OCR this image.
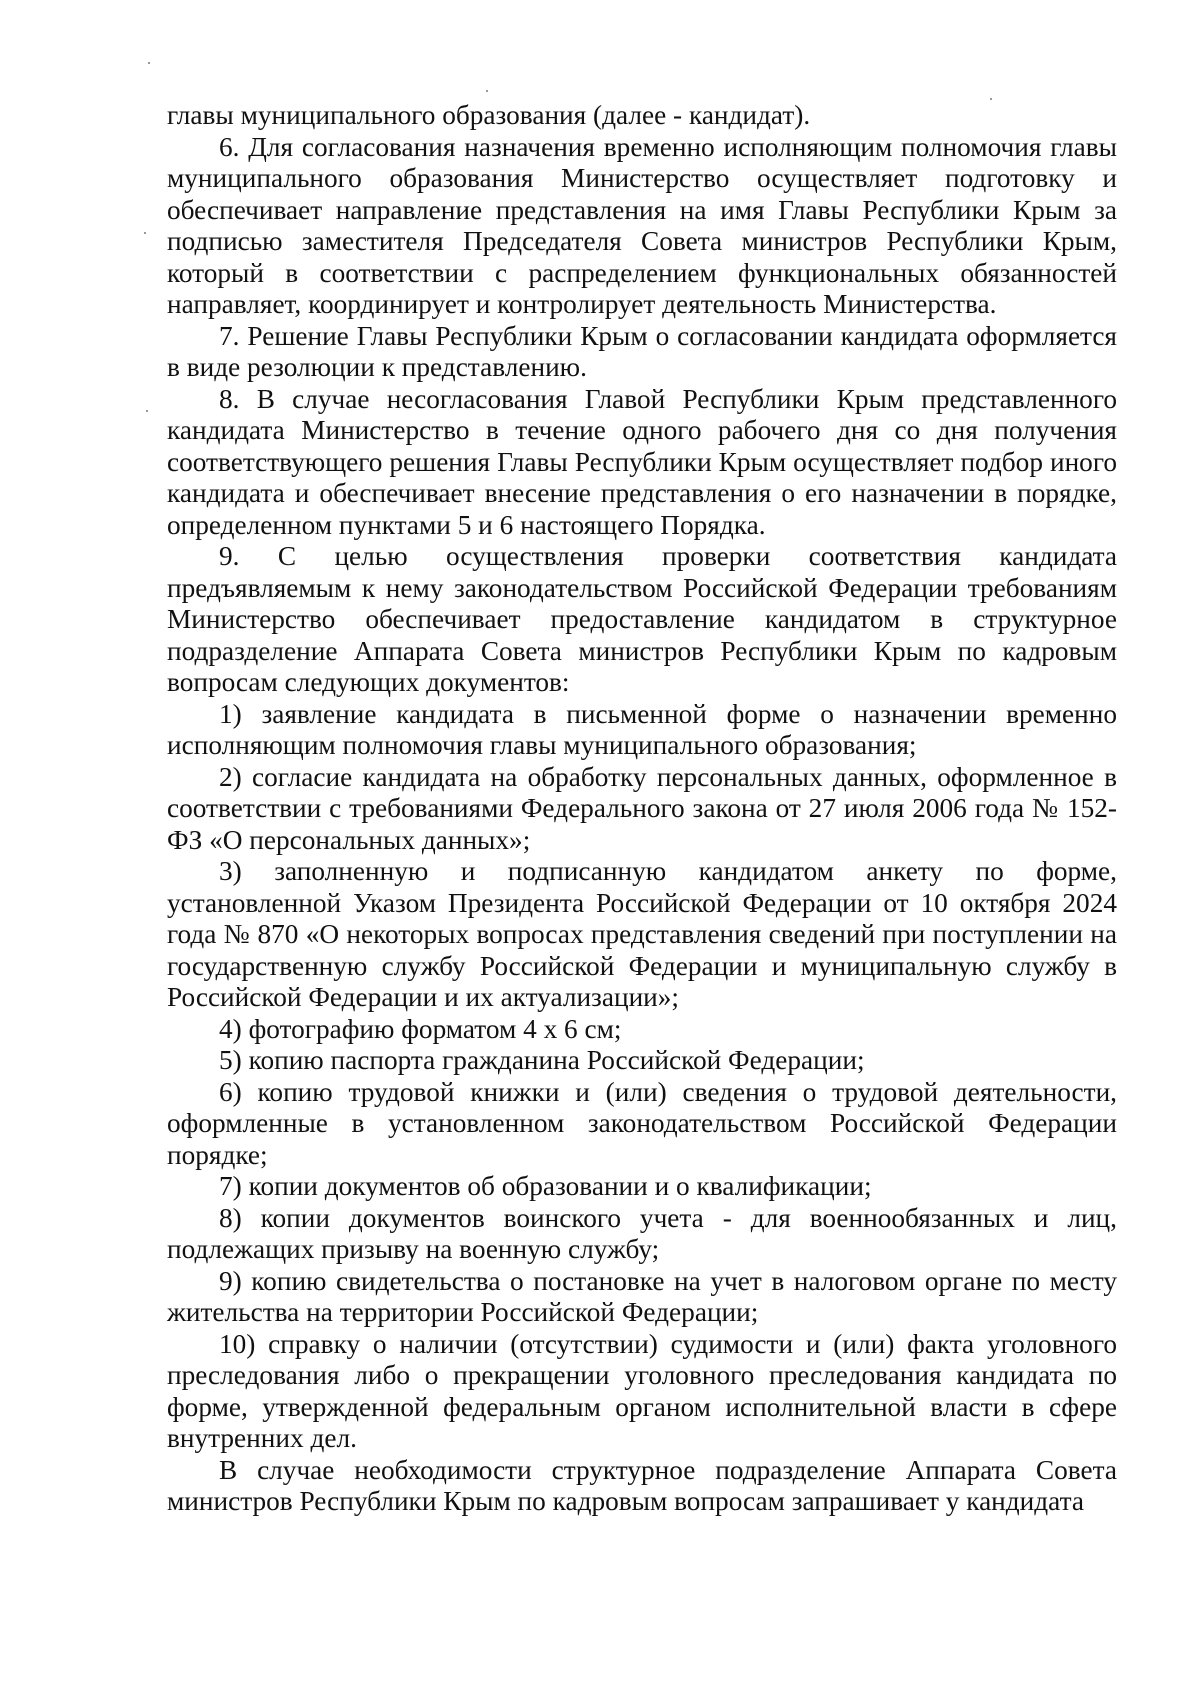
главы муниципального образования (далее - кандидат).

6. Для согласования назначения временно исполняющим полномочия главы муниципального образования Министерство осуществляет подготовку и обеспечивает направление представления на имя Главы Республики Крым за подписью заместителя Председателя Совета министров Республики Крым, который в соответствии с распределением функциональных обязанностей направляет, координирует и контролирует деятельность Министерства.

7. Решение Главы Республики Крым о согласовании кандидата оформляется в виде резолюции к представлению.

8. В случае несогласования Главой Республики Крым представленного кандидата Министерство в течение одного рабочего дня со дня получения соответствующего решения Главы Республики Крым осуществляет подбор иного кандидата и обеспечивает внесение представления о его назначении в порядке, определенном пунктами 5 и 6 настоящего Порядка.

9. С целью осуществления проверки соответствия кандидата предъявляемым к нему законодательством Российской Федерации требованиям Министерство обеспечивает предоставление кандидатом в структурное подразделение Аппарата Совета министров Республики Крым по кадровым вопросам следующих документов:

1) заявление кандидата в письменной форме о назначении временно исполняющим полномочия главы муниципального образования;

2) согласие кандидата на обработку персональных данных, оформленное в соответствии с требованиями Федерального закона от 27 июля 2006 года № 152-ФЗ «О персональных данных»;

3) заполненную и подписанную кандидатом анкету по форме, установленной Указом Президента Российской Федерации от 10 октября 2024 года № 870 «О некоторых вопросах представления сведений при поступлении на государственную службу Российской Федерации и муниципальную службу в Российской Федерации и их актуализации»;

4) фотографию форматом 4 х 6 см;

5) копию паспорта гражданина Российской Федерации;

6) копию трудовой книжки и (или) сведения о трудовой деятельности, оформленные в установленном законодательством Российской Федерации порядке;

7) копии документов об образовании и о квалификации;

8) копии документов воинского учета - для военнообязанных и лиц, подлежащих призыву на военную службу;

9) копию свидетельства о постановке на учет в налоговом органе по месту жительства на территории Российской Федерации;

10) справку о наличии (отсутствии) судимости и (или) факта уголовного преследования либо о прекращении уголовного преследования кандидата по форме, утвержденной федеральным органом исполнительной власти в сфере внутренних дел.

В случае необходимости структурное подразделение Аппарата Совета министров Республики Крым по кадровым вопросам запрашивает у кандидата
